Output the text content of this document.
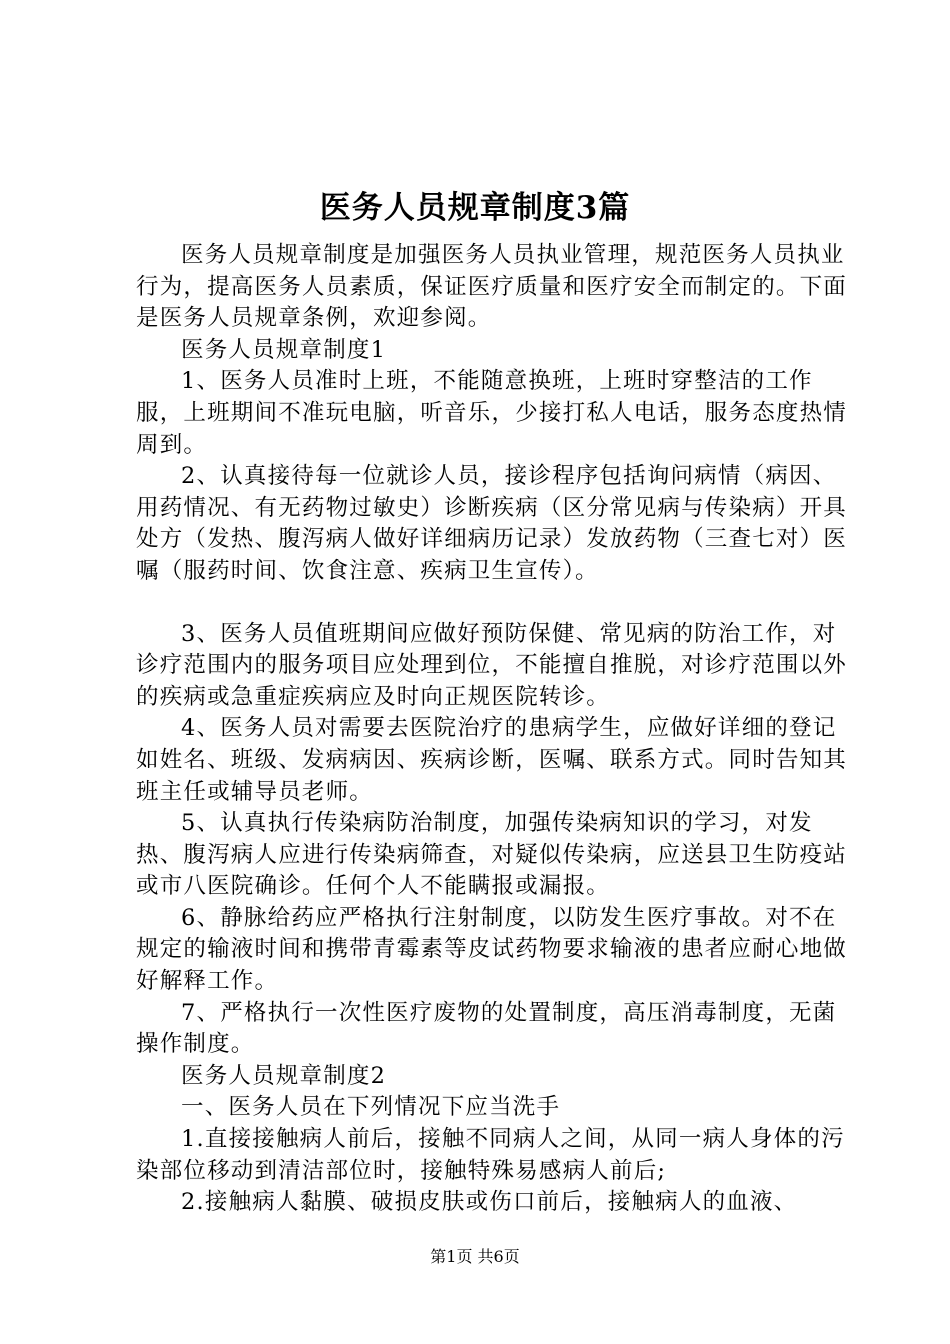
医务人员规章制度3篇

医务人员规章制度是加强医务人员执业管理，规范医务人员执业行为，提高医务人员素质，保证医疗质量和医疗安全而制定的。下面是医务人员规章条例，欢迎参阅。

医务人员规章制度1

1、医务人员准时上班，不能随意换班，上班时穿整洁的工作服，上班期间不准玩电脑，听音乐，少接打私人电话，服务态度热情周到。

2、认真接待每一位就诊人员，接诊程序包括询问病情（病因、用药情况、有无药物过敏史）诊断疾病（区分常见病与传染病）开具处方（发热、腹泻病人做好详细病历记录）发放药物（三查七对）医嘱（服药时间、饮食注意、疾病卫生宣传）。

3、医务人员值班期间应做好预防保健、常见病的防治工作，对诊疗范围内的服务项目应处理到位，不能擅自推脱，对诊疗范围以外的疾病或急重症疾病应及时向正规医院转诊。

4、医务人员对需要去医院治疗的患病学生，应做好详细的登记如姓名、班级、发病病因、疾病诊断，医嘱、联系方式。同时告知其班主任或辅导员老师。

5、认真执行传染病防治制度，加强传染病知识的学习，对发热、腹泻病人应进行传染病筛查，对疑似传染病，应送县卫生防疫站或市八医院确诊。任何个人不能瞒报或漏报。

6、静脉给药应严格执行注射制度，以防发生医疗事故。对不在规定的输液时间和携带青霉素等皮试药物要求输液的患者应耐心地做好解释工作。

7、严格执行一次性医疗废物的处置制度，高压消毒制度，无菌操作制度。

医务人员规章制度2

一、医务人员在下列情况下应当洗手

1.直接接触病人前后，接触不同病人之间，从同一病人身体的污染部位移动到清洁部位时，接触特殊易感病人前后;

2.接触病人黏膜、破损皮肤或伤口前后，接触病人的血液、

第1页 共6页
